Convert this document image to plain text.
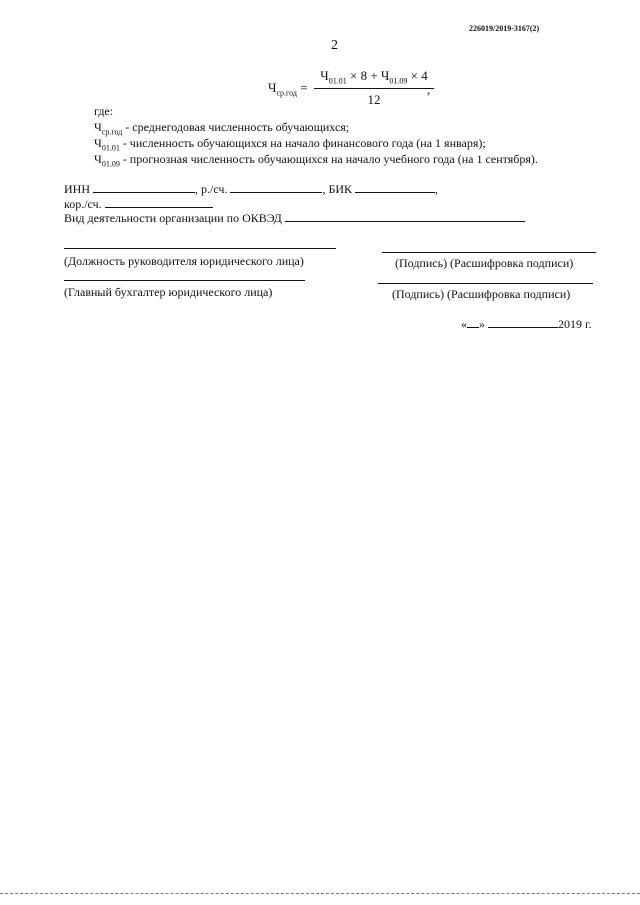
226019/2019-3167(2)
2
$Ч_{ср.год}$ =
$Ч_{01.01} \times 8 + Ч_{01.09} \times 4$
12
,
где:
$Ч_{ср.год}$ - среднегодовая численность обучающихся;
$Ч_{01.01}$ - численность обучающихся на начало финансового года (на 1 января);
$Ч_{01.09}$ - прогнозная численность обучающихся на начало учебного года (на 1 сентября).
ИНН	, р./сч.	, БИК	,
кор./сч.
Вид деятельности организации по ОКВЭД
(Должность руководителя юридического лица)	(Подпись) (Расшифровка подписи)
(Главный бухгалтер юридического лица)	(Подпись) (Расшифровка подписи)
« »	2019 г.
